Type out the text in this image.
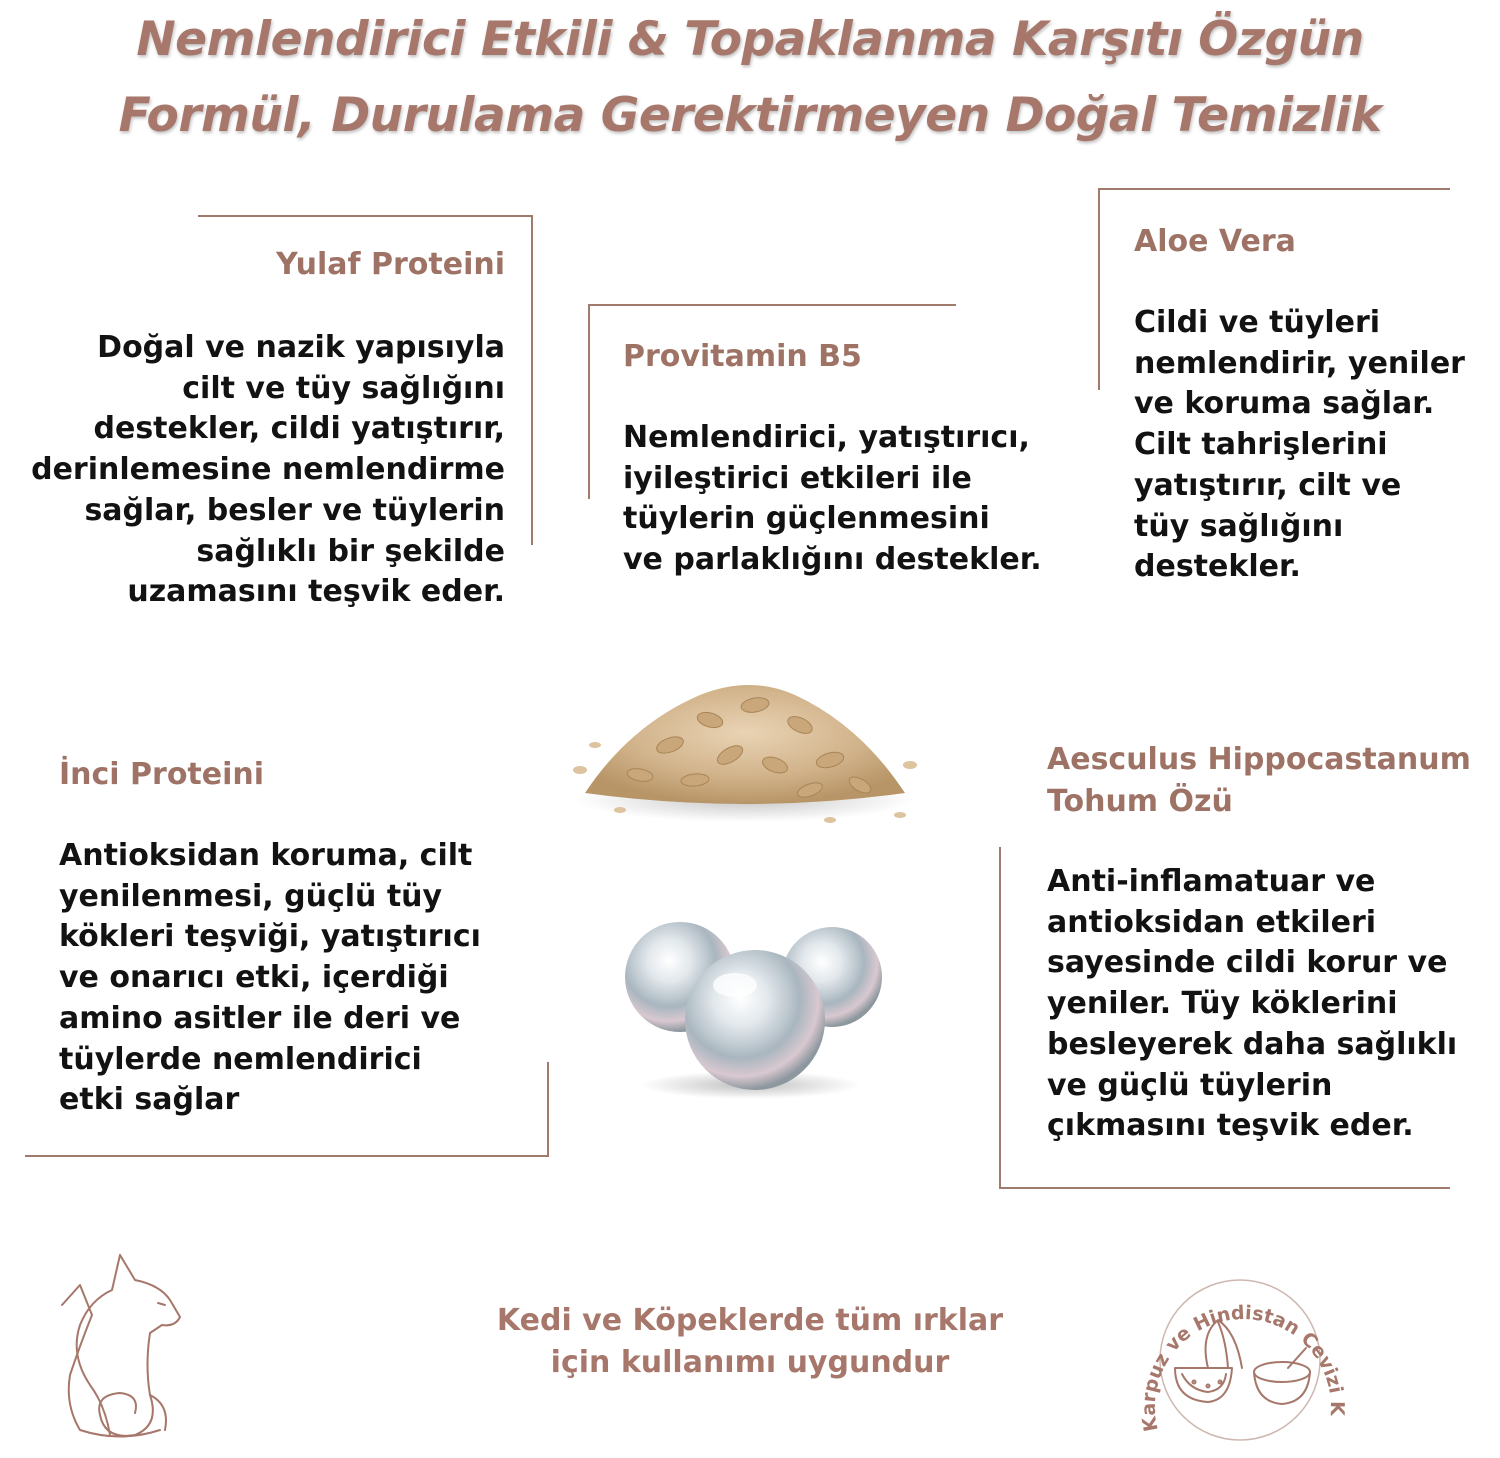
Nemlendirici Etkili & Topaklanma Karşıtı Özgün
Formül, Durulama Gerektirmeyen Doğal Temizlik
Yulaf Proteini
Doğal ve nazik yapısıyla
cilt ve tüy sağlığını
destekler, cildi yatıştırır,
derinlemesine nemlendirme
sağlar, besler ve tüylerin
sağlıklı bir şekilde
uzamasını teşvik eder.
Provitamin B5
Nemlendirici, yatıştırıcı,
iyileştirici etkileri ile
tüylerin güçlenmesini
ve parlaklığını destekler.
Aloe Vera
Cildi ve tüyleri
nemlendirir, yeniler
ve koruma sağlar.
Cilt tahrişlerini
yatıştırır, cilt ve
tüy sağlığını
destekler.
İnci Proteini
Antioksidan koruma, cilt
yenilenmesi, güçlü tüy
kökleri teşviği, yatıştırıcı
ve onarıcı etki, içerdiği
amino asitler ile deri ve
tüylerde nemlendirici
etki sağlar
Aesculus Hippocastanum
Tohum Özü
Anti-inflamatuar ve
antioksidan etkileri
sayesinde cildi korur ve
yeniler. Tüy köklerini
besleyerek daha sağlıklı
ve güçlü tüylerin
çıkmasını teşvik eder.
Kedi ve Köpeklerde tüm ırklar
için kullanımı uygundur
Karpuz ve Hindistan Cevizi K
